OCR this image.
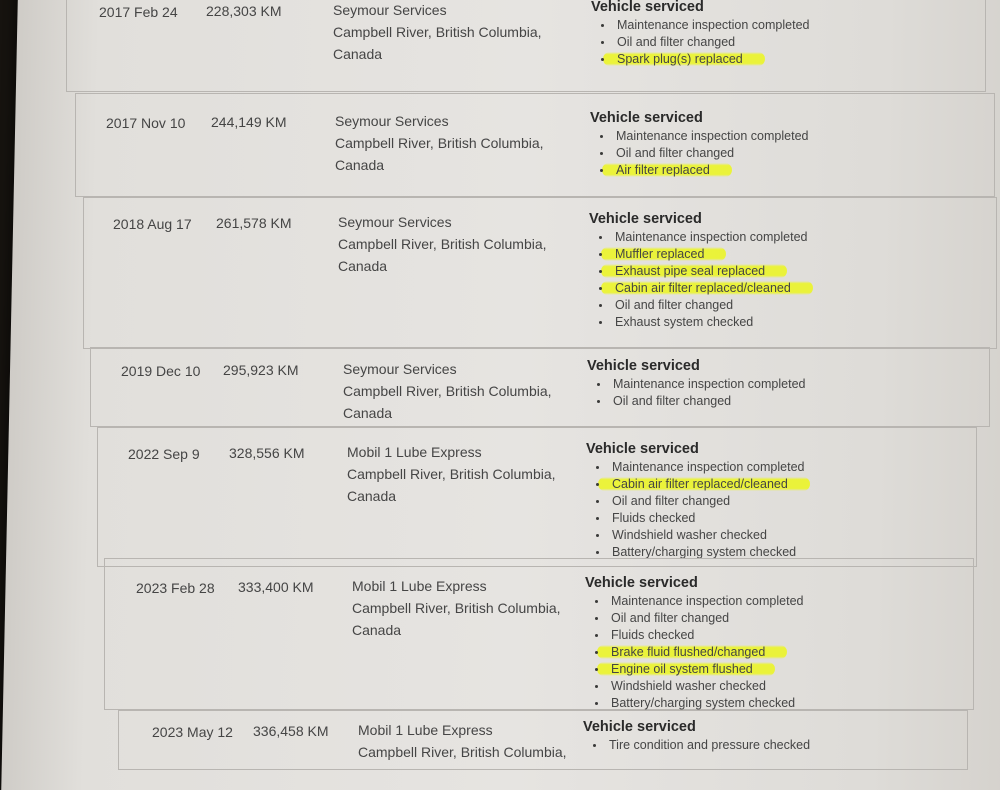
2017 Feb 24 228,303 KM	Seymour Services
Campbell River, British Columbia,
Canada
Vehicle serviced
Maintenance inspection completed
Oil and filter changed
Spark plug(s) replaced
2017 Nov 10 244,149 KM	Seymour Services
Campbell River, British Columbia,
Canada
Vehicle serviced
Maintenance inspection completed
Oil and filter changed
Air filter replaced
2018 Aug 17 261,578 KM	Seymour Services
Campbell River, British Columbia,
Canada
Vehicle serviced
Maintenance inspection completed
Muffler replaced
Exhaust pipe seal replaced
Cabin air filter replaced/cleaned
Oil and filter changed
Exhaust system checked
2019 Dec 10 295,923 KM	Seymour Services
Campbell River, British Columbia,
Canada
Vehicle serviced
Maintenance inspection completed
Oil and filter changed
2022 Sep 9 328,556 KM	Mobil 1 Lube Express
Campbell River, British Columbia,
Canada
Vehicle serviced
Maintenance inspection completed
Cabin air filter replaced/cleaned
Oil and filter changed
Fluids checked
Windshield washer checked
Battery/charging system checked
2023 Feb 28 333,400 KM	Mobil 1 Lube Express
Campbell River, British Columbia,
Canada
Vehicle serviced
Maintenance inspection completed
Oil and filter changed
Fluids checked
Brake fluid flushed/changed
Engine oil system flushed
Windshield washer checked
Battery/charging system checked
2023 May 12 336,458 KM Mobil 1 Lube Express
Campbell River, British Columbia,
Vehicle serviced
Tire condition and pressure checked
